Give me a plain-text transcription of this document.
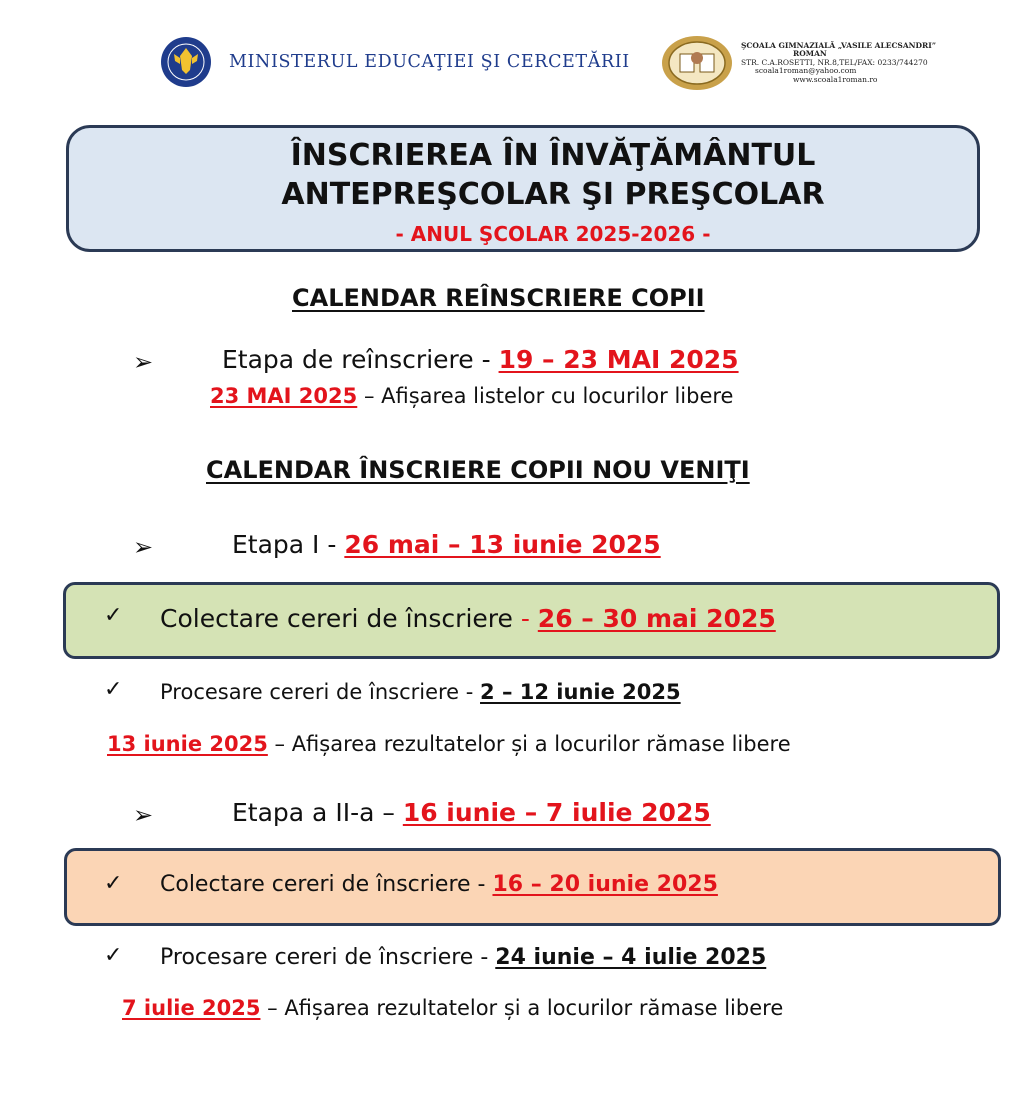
MINISTERUL EDUCAŢIEI ŞI CERCETĂRII
ŞCOALA GIMNAZIALĂ „VASILE ALECSANDRI”
ROMAN
STR. C.A.ROSETTI, NR.8,TEL/FAX: 0233/744270
scoala1roman@yahoo.com
www.scoala1roman.ro
ÎNSCRIEREA ÎN ÎNVĂŢĂMÂNTUL
ANTEPREŞCOLAR ŞI PREŞCOLAR
- ANUL ŞCOLAR 2025-2026 -
CALENDAR REÎNSCRIERE COPII
➢	Etapa de reînscriere - 19 – 23 MAI 2025
23 MAI 2025 – Afișarea listelor cu locurilor libere
CALENDAR ÎNSCRIERE COPII NOU VENIŢI
➢	Etapa I - 26 mai – 13 iunie 2025
✓ Colectare cereri de înscriere - 26 – 30 mai 2025
✓ Procesare cereri de înscriere - 2 – 12 iunie 2025
13 iunie 2025 – Afișarea rezultatelor și a locurilor rămase libere
➢	Etapa a II-a – 16 iunie – 7 iulie 2025
✓ Colectare cereri de înscriere - 16 – 20 iunie 2025
✓ Procesare cereri de înscriere - 24 iunie – 4 iulie 2025
7 iulie 2025 – Afișarea rezultatelor și a locurilor rămase libere
